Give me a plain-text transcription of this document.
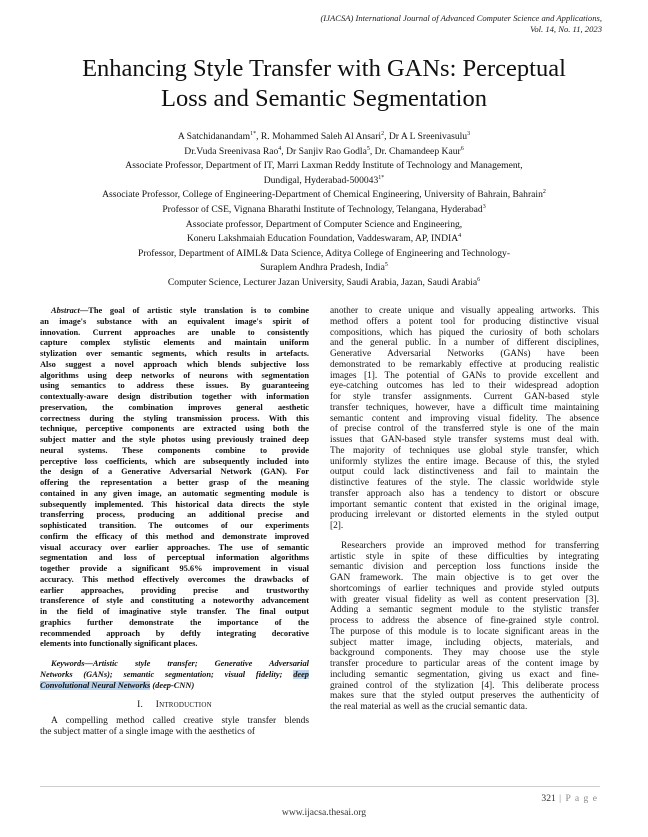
(IJACSA) International Journal of Advanced Computer Science and Applications,
Vol. 14, No. 11, 2023
Enhancing Style Transfer with GANs: Perceptual
Loss and Semantic Segmentation
A Satchidanandam$^{1*}$, R. Mohammed Saleh Al Ansari$^2$, Dr A L Sreenivasulu$^3$
Dr.Vuda Sreenivasa Rao$^4$, Dr Sanjiv Rao Godla$^5$, Dr. Chamandeep Kaur$^6$
Associate Professor, Department of IT, Marri Laxman Reddy Institute of Technology and Management,
Dundigal, Hyderabad-$500043^{1*}$
Associate Professor, College of Engineering-Department of Chemical Engineering, University of Bahrain, Bahrain$^2$
Professor of CSE, Vignana Bharathi Institute of Technology, Telangana, Hyderabad$^3$
Associate professor, Department of Computer Science and Engineering,
Koneru Lakshmaiah Education Foundation, Vaddeswaram, AP, INDIA$^4$
Professor, Department of AIML& Data Science, Aditya College of Engineering and Technology-
Suraplem Andhra Pradesh, India$^5$
Computer Science, Lecturer Jazan University, Saudi Arabia, Jazan, Saudi Arabia$^6$
Abstract—The goal of artistic style translation is to combine
an image's substance with an equivalent image's spirit of
innovation. Current approaches are unable to consistently
capture complex stylistic elements and maintain uniform
stylization over semantic segments, which results in artefacts.
Also suggest a novel approach which blends subjective loss
algorithms using deep networks of neurons with segmentation
using semantics to address these issues. By guaranteeing
contextually-aware design distribution together with information
preservation, the combination improves general aesthetic
correctness during the styling transmission process. With this
technique, perceptive components are extracted using both the
subject matter and the style photos using previously trained deep
neural systems. These components combine to provide
perceptive loss coefficients, which are subsequently included into
the design of a Generative Adversarial Network (GAN). For
offering the representation a better grasp of the meaning
contained in any given image, an automatic segmenting module is
subsequently implemented. This historical data directs the style
transferring process, producing an additional precise and
sophisticated transition. The outcomes of our experiments
confirm the efficacy of this method and demonstrate improved
visual accuracy over earlier approaches. The use of semantic
segmentation and loss of perceptual information algorithms
together provide a significant 95.6% improvement in visual
accuracy. This method effectively overcomes the drawbacks of
earlier approaches, providing precise and trustworthy
transference of style and constituting a noteworthy advancement
in the field of imaginative style transfer. The final output
graphics further demonstrate the importance of the
recommended approach by deftly integrating decorative
elements into functionally significant places.
Keywords—Artistic style transfer; Generative Adversarial
Networks (GANs); semantic segmentation; visual fidelity; deep
Convolutional Neural Networks (deep-CNN)
I. Introduction
A compelling method called creative style transfer blends
the subject matter of a single image with the aesthetics of
another to create unique and visually appealing artworks. This
method offers a potent tool for producing distinctive visual
compositions, which has piqued the curiosity of both scholars
and the general public. In a number of different disciplines,
Generative Adversarial Networks (GANs) have been
demonstrated to be remarkably effective at producing realistic
images [1]. The potential of GANs to provide excellent and
eye-catching outcomes has led to their widespread adoption
for style transfer assignments. Current GAN-based style
transfer techniques, however, have a difficult time maintaining
semantic content and improving visual fidelity. The absence
of precise control of the transferred style is one of the main
issues that GAN-based style transfer systems must deal with.
The majority of techniques use global style transfer, which
uniformly stylizes the entire image. Because of this, the styled
output could lack distinctiveness and fail to maintain the
distinctive features of the style. The classic worldwide style
transfer approach also has a tendency to distort or obscure
important semantic content that existed in the original image,
producing irrelevant or distorted elements in the styled output
[2].
Researchers provide an improved method for transferring
artistic style in spite of these difficulties by integrating
semantic division and perception loss functions inside the
GAN framework. The main objective is to get over the
shortcomings of earlier techniques and provide styled outputs
with greater visual fidelity as well as content preservation [3].
Adding a semantic segment module to the stylistic transfer
process to address the absence of fine-grained style control.
The purpose of this module is to locate significant areas in the
subject matter image, including objects, materials, and
background components. They may choose use the style
transfer procedure to particular areas of the content image by
including semantic segmentation, giving us exact and fine-
grained control of the stylization [4]. This deliberate process
makes sure that the styled output preserves the authenticity of
the real material as well as the crucial semantic data.
321 | P a g e
www.ijacsa.thesai.org
